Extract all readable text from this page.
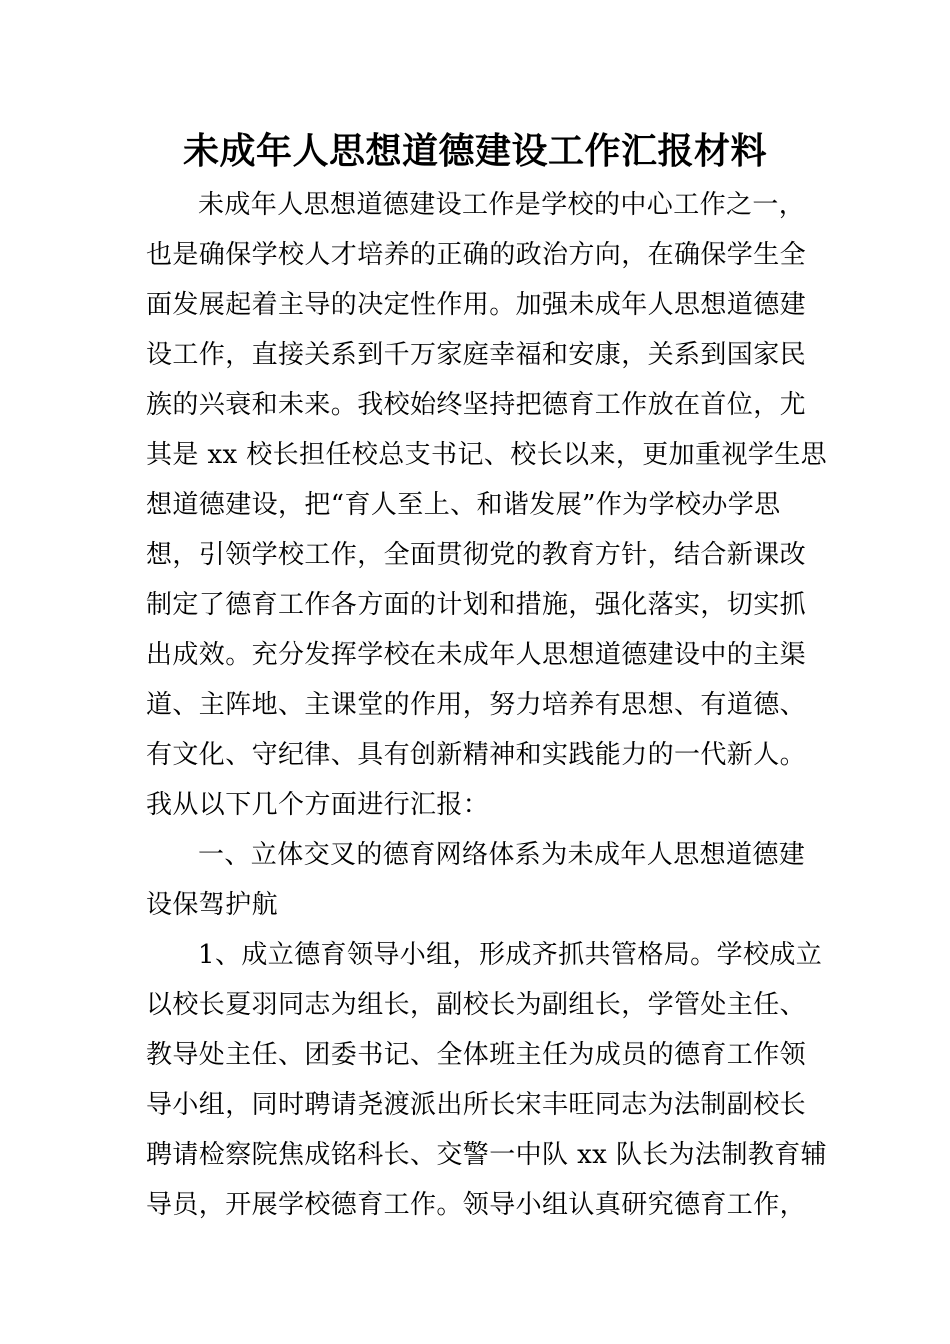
未成年人思想道德建设工作汇报材料
未成年人思想道德建设工作是学校的中心工作之一，
也是确保学校人才培养的正确的政治方向，在确保学生全
面发展起着主导的决定性作用。加强未成年人思想道德建
设工作，直接关系到千万家庭幸福和安康，关系到国家民
族的兴衰和未来。我校始终坚持把德育工作放在首位，尤
其是 xx 校长担任校总支书记、校长以来，更加重视学生思
想道德建设，把“育人至上、和谐发展”作为学校办学思
想，引领学校工作，全面贯彻党的教育方针，结合新课改
制定了德育工作各方面的计划和措施，强化落实，切实抓
出成效。充分发挥学校在未成年人思想道德建设中的主渠
道、主阵地、主课堂的作用，努力培养有思想、有道德、
有文化、守纪律、具有创新精神和实践能力的一代新人。
我从以下几个方面进行汇报：
一、立体交叉的德育网络体系为未成年人思想道德建
设保驾护航
1、成立德育领导小组，形成齐抓共管格局。学校成立
以校长夏羽同志为组长，副校长为副组长，学管处主任、
教导处主任、团委书记、全体班主任为成员的德育工作领
导小组，同时聘请尧渡派出所长宋丰旺同志为法制副校长
聘请检察院焦成铭科长、交警一中队 xx 队长为法制教育辅
导员，开展学校德育工作。领导小组认真研究德育工作，
